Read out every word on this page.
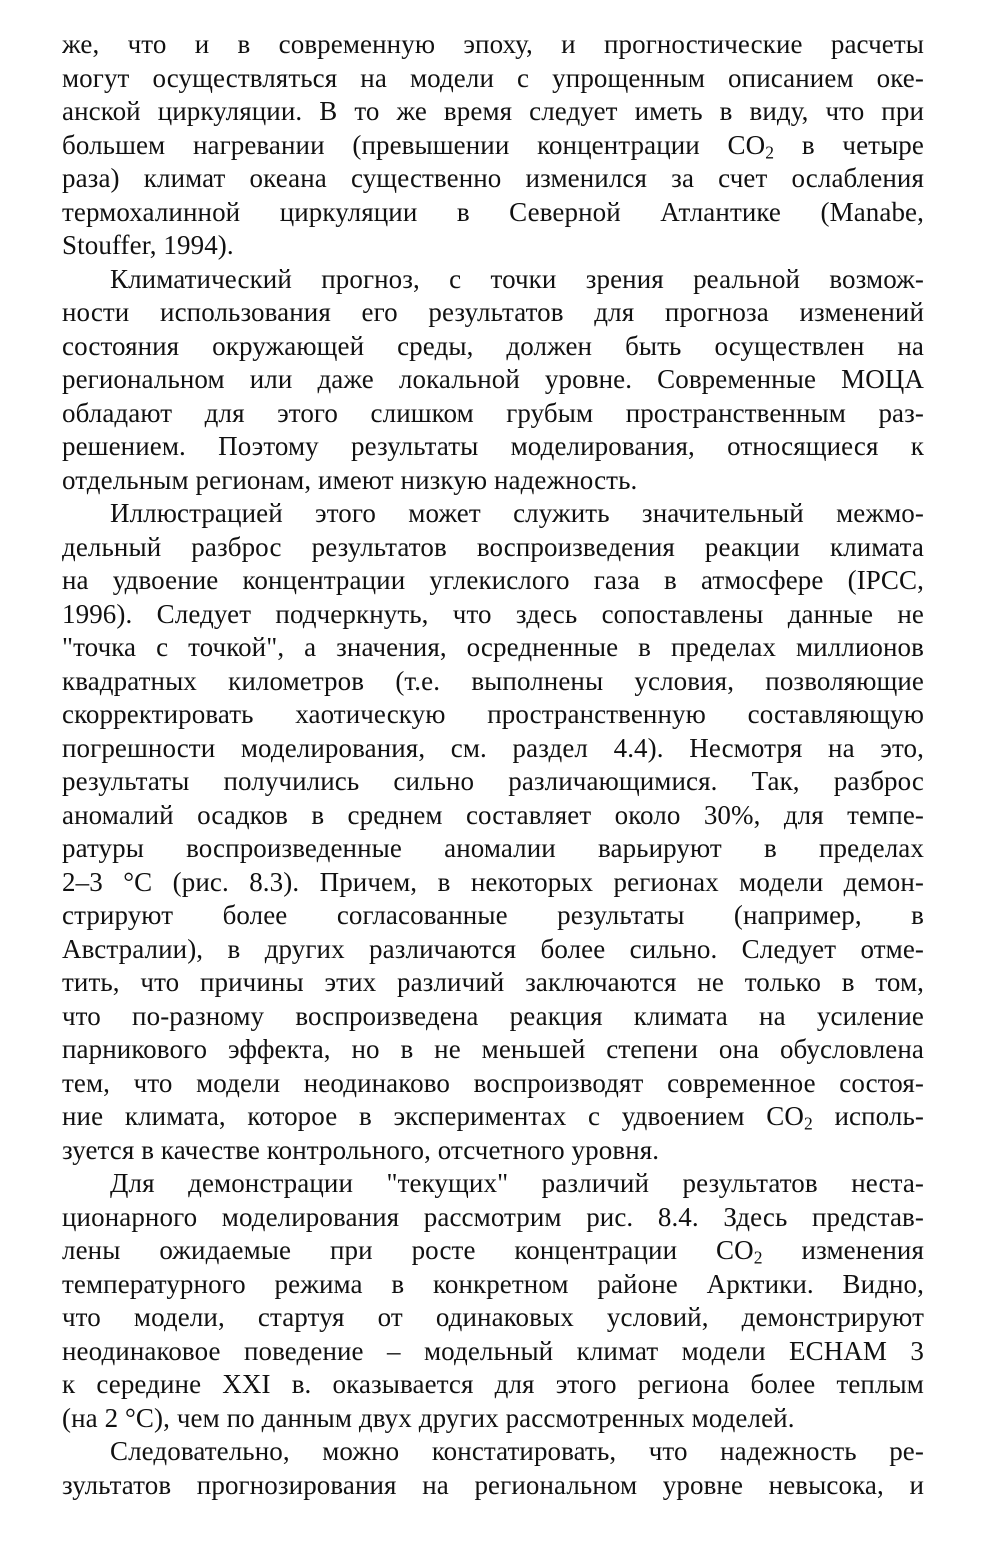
же, что и в современную эпоху, и прогностические расчеты
могут осуществляться на модели с упрощенным описанием оке-
анской циркуляции. В то же время следует иметь в виду, что при
большем нагревании (превышении концентрации $CO_2$ в четыре
раза) климат океана существенно изменился за счет ослабления
термохалинной циркуляции в Северной Атлантике (Manabe,
Stouffer, 1994).
Климатический прогноз, с точки зрения реальной возмож-
ности использования его результатов для прогноза изменений
состояния окружающей среды, должен быть осуществлен на
региональном или даже локальной уровне. Современные МОЦА
обладают для этого слишком грубым пространственным раз-
решением. Поэтому результаты моделирования, относящиеся к
отдельным регионам, имеют низкую надежность.
Иллюстрацией этого может служить значительный межмо-
дельный разброс результатов воспроизведения реакции климата
на удвоение концентрации углекислого газа в атмосфере (IPCC,
1996). Следует подчеркнуть, что здесь сопоставлены данные не
"точка с точкой", а значения, осредненные в пределах миллионов
квадратных километров (т.е. выполнены условия, позволяющие
скорректировать хаотическую пространственную составляющую
погрешности моделирования, см. раздел 4.4). Несмотря на это,
результаты получились сильно различающимися. Так, разброс
аномалий осадков в среднем составляет около 30%, для темпе-
ратуры воспроизведенные аномалии варьируют в пределах
2–3 °С (рис. 8.3). Причем, в некоторых регионах модели демон-
стрируют более согласованные результаты (например, в
Австралии), в других различаются более сильно. Следует отме-
тить, что причины этих различий заключаются не только в том,
что по-разному воспроизведена реакция климата на усиление
парникового эффекта, но в не меньшей степени она обусловлена
тем, что модели неодинаково воспроизводят современное состоя-
ние климата, которое в экспериментах с удвоением $CO_2$ исполь-
зуется в качестве контрольного, отсчетного уровня.
Для демонстрации "текущих" различий результатов неста-
ционарного моделирования рассмотрим рис. 8.4. Здесь представ-
лены ожидаемые при росте концентрации $CO_2$ изменения
температурного режима в конкретном районе Арктики. Видно,
что модели, стартуя от одинаковых условий, демонстрируют
неодинаковое поведение – модельный климат модели ECHAM 3
к середине XXI в. оказывается для этого региона более теплым
(на 2 °С), чем по данным двух других рассмотренных моделей.
Следовательно, можно констатировать, что надежность ре-
зультатов прогнозирования на региональном уровне невысока, и
